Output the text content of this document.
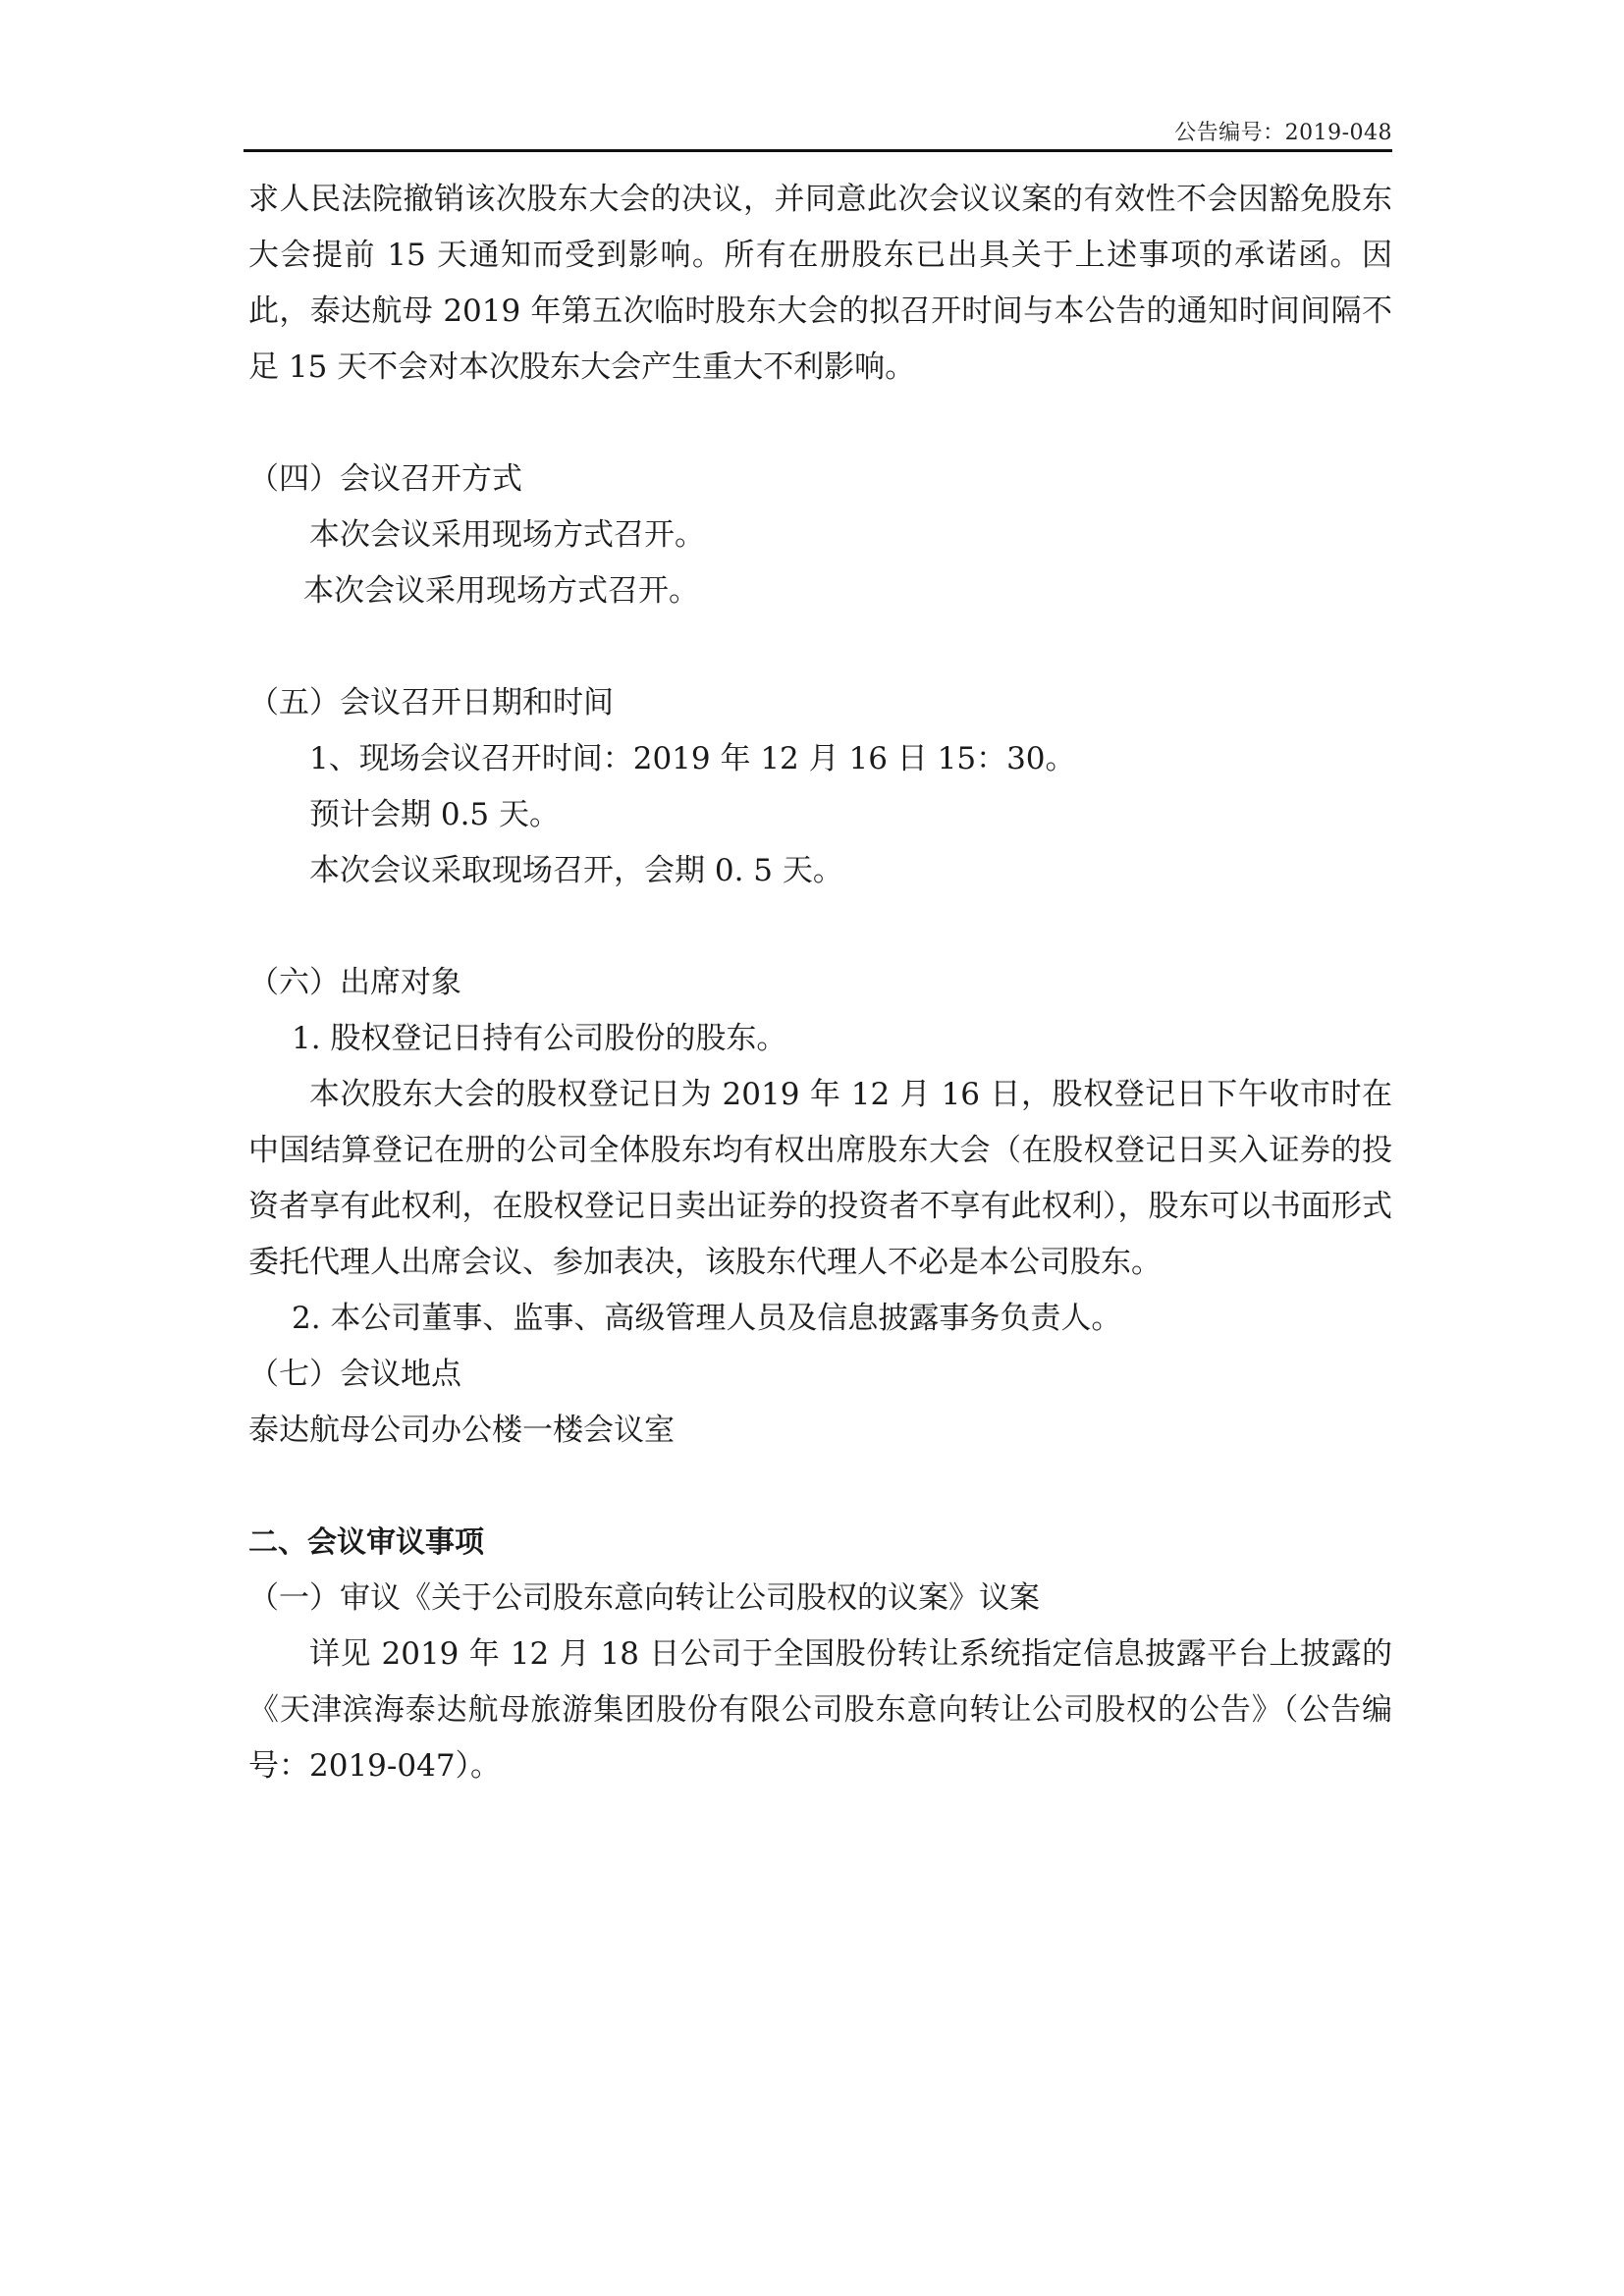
公告编号：2019-048

求人民法院撤销该次股东大会的决议，并同意此次会议议案的有效性不会因豁免股东大会提前 15 天通知而受到影响。所有在册股东已出具关于上述事项的承诺函。因此，泰达航母 2019 年第五次临时股东大会的拟召开时间与本公告的通知时间间隔不足 15 天不会对本次股东大会产生重大不利影响。

（四）会议召开方式

本次会议采用现场方式召开。

本次会议采用现场方式召开。

（五）会议召开日期和时间

1、现场会议召开时间：2019 年 12 月 16 日 15：30。

预计会期 0.5 天。

本次会议采取现场召开，会期 0. 5 天。

（六）出席对象

1. 股权登记日持有公司股份的股东。

本次股东大会的股权登记日为 2019 年 12 月 16 日，股权登记日下午收市时在中国结算登记在册的公司全体股东均有权出席股东大会（在股权登记日买入证券的投资者享有此权利，在股权登记日卖出证券的投资者不享有此权利），股东可以书面形式委托代理人出席会议、参加表决，该股东代理人不必是本公司股东。

2. 本公司董事、监事、高级管理人员及信息披露事务负责人。

（七）会议地点

泰达航母公司办公楼一楼会议室

二、会议审议事项

（一）审议《关于公司股东意向转让公司股权的议案》议案

详见 2019 年 12 月 18 日公司于全国股份转让系统指定信息披露平台上披露的《天津滨海泰达航母旅游集团股份有限公司股东意向转让公司股权的公告》（公告编号：2019-047）。
